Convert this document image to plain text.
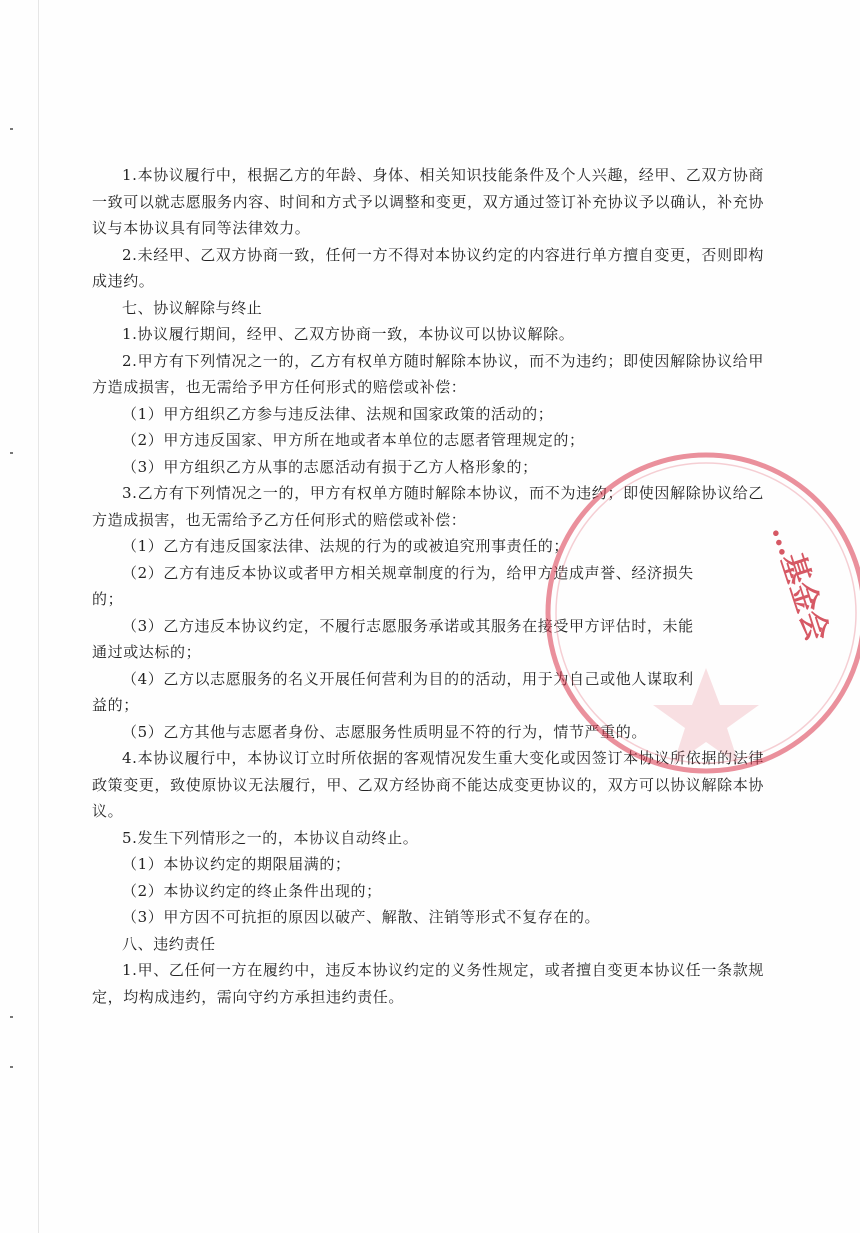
1.本协议履行中，根据乙方的年龄、身体、相关知识技能条件及个人兴趣，经甲、乙双方协商一致可以就志愿服务内容、时间和方式予以调整和变更，双方通过签订补充协议予以确认，补充协议与本协议具有同等法律效力。

2.未经甲、乙双方协商一致，任何一方不得对本协议约定的内容进行单方擅自变更，否则即构成违约。

七、协议解除与终止

1.协议履行期间，经甲、乙双方协商一致，本协议可以协议解除。

2.甲方有下列情况之一的，乙方有权单方随时解除本协议，而不为违约；即使因解除协议给甲方造成损害，也无需给予甲方任何形式的赔偿或补偿：

（1）甲方组织乙方参与违反法律、法规和国家政策的活动的；

（2）甲方违反国家、甲方所在地或者本单位的志愿者管理规定的；

（3）甲方组织乙方从事的志愿活动有损于乙方人格形象的；

3.乙方有下列情况之一的，甲方有权单方随时解除本协议，而不为违约；即使因解除协议给乙方造成损害，也无需给予乙方任何形式的赔偿或补偿：

（1）乙方有违反国家法律、法规的行为的或被追究刑事责任的；

（2）乙方有违反本协议或者甲方相关规章制度的行为，给甲方造成声誉、经济损失

的；

（3）乙方违反本协议约定，不履行志愿服务承诺或其服务在接受甲方评估时，未能

通过或达标的；

（4）乙方以志愿服务的名义开展任何营利为目的的活动，用于为自己或他人谋取利

益的；

（5）乙方其他与志愿者身份、志愿服务性质明显不符的行为，情节严重的。

4.本协议履行中，本协议订立时所依据的客观情况发生重大变化或因签订本协议所依据的法律政策变更，致使原协议无法履行，甲、乙双方经协商不能达成变更协议的，双方可以协议解除本协议。

5.发生下列情形之一的，本协议自动终止。

（1）本协议约定的期限届满的；

（2）本协议约定的终止条件出现的；

（3）甲方因不可抗拒的原因以破产、解散、注销等形式不复存在的。

八、违约责任

1.甲、乙任何一方在履约中，违反本协议约定的义务性规定，或者擅自变更本协议任一条款规定，均构成违约，需向守约方承担违约责任。

…基金会
